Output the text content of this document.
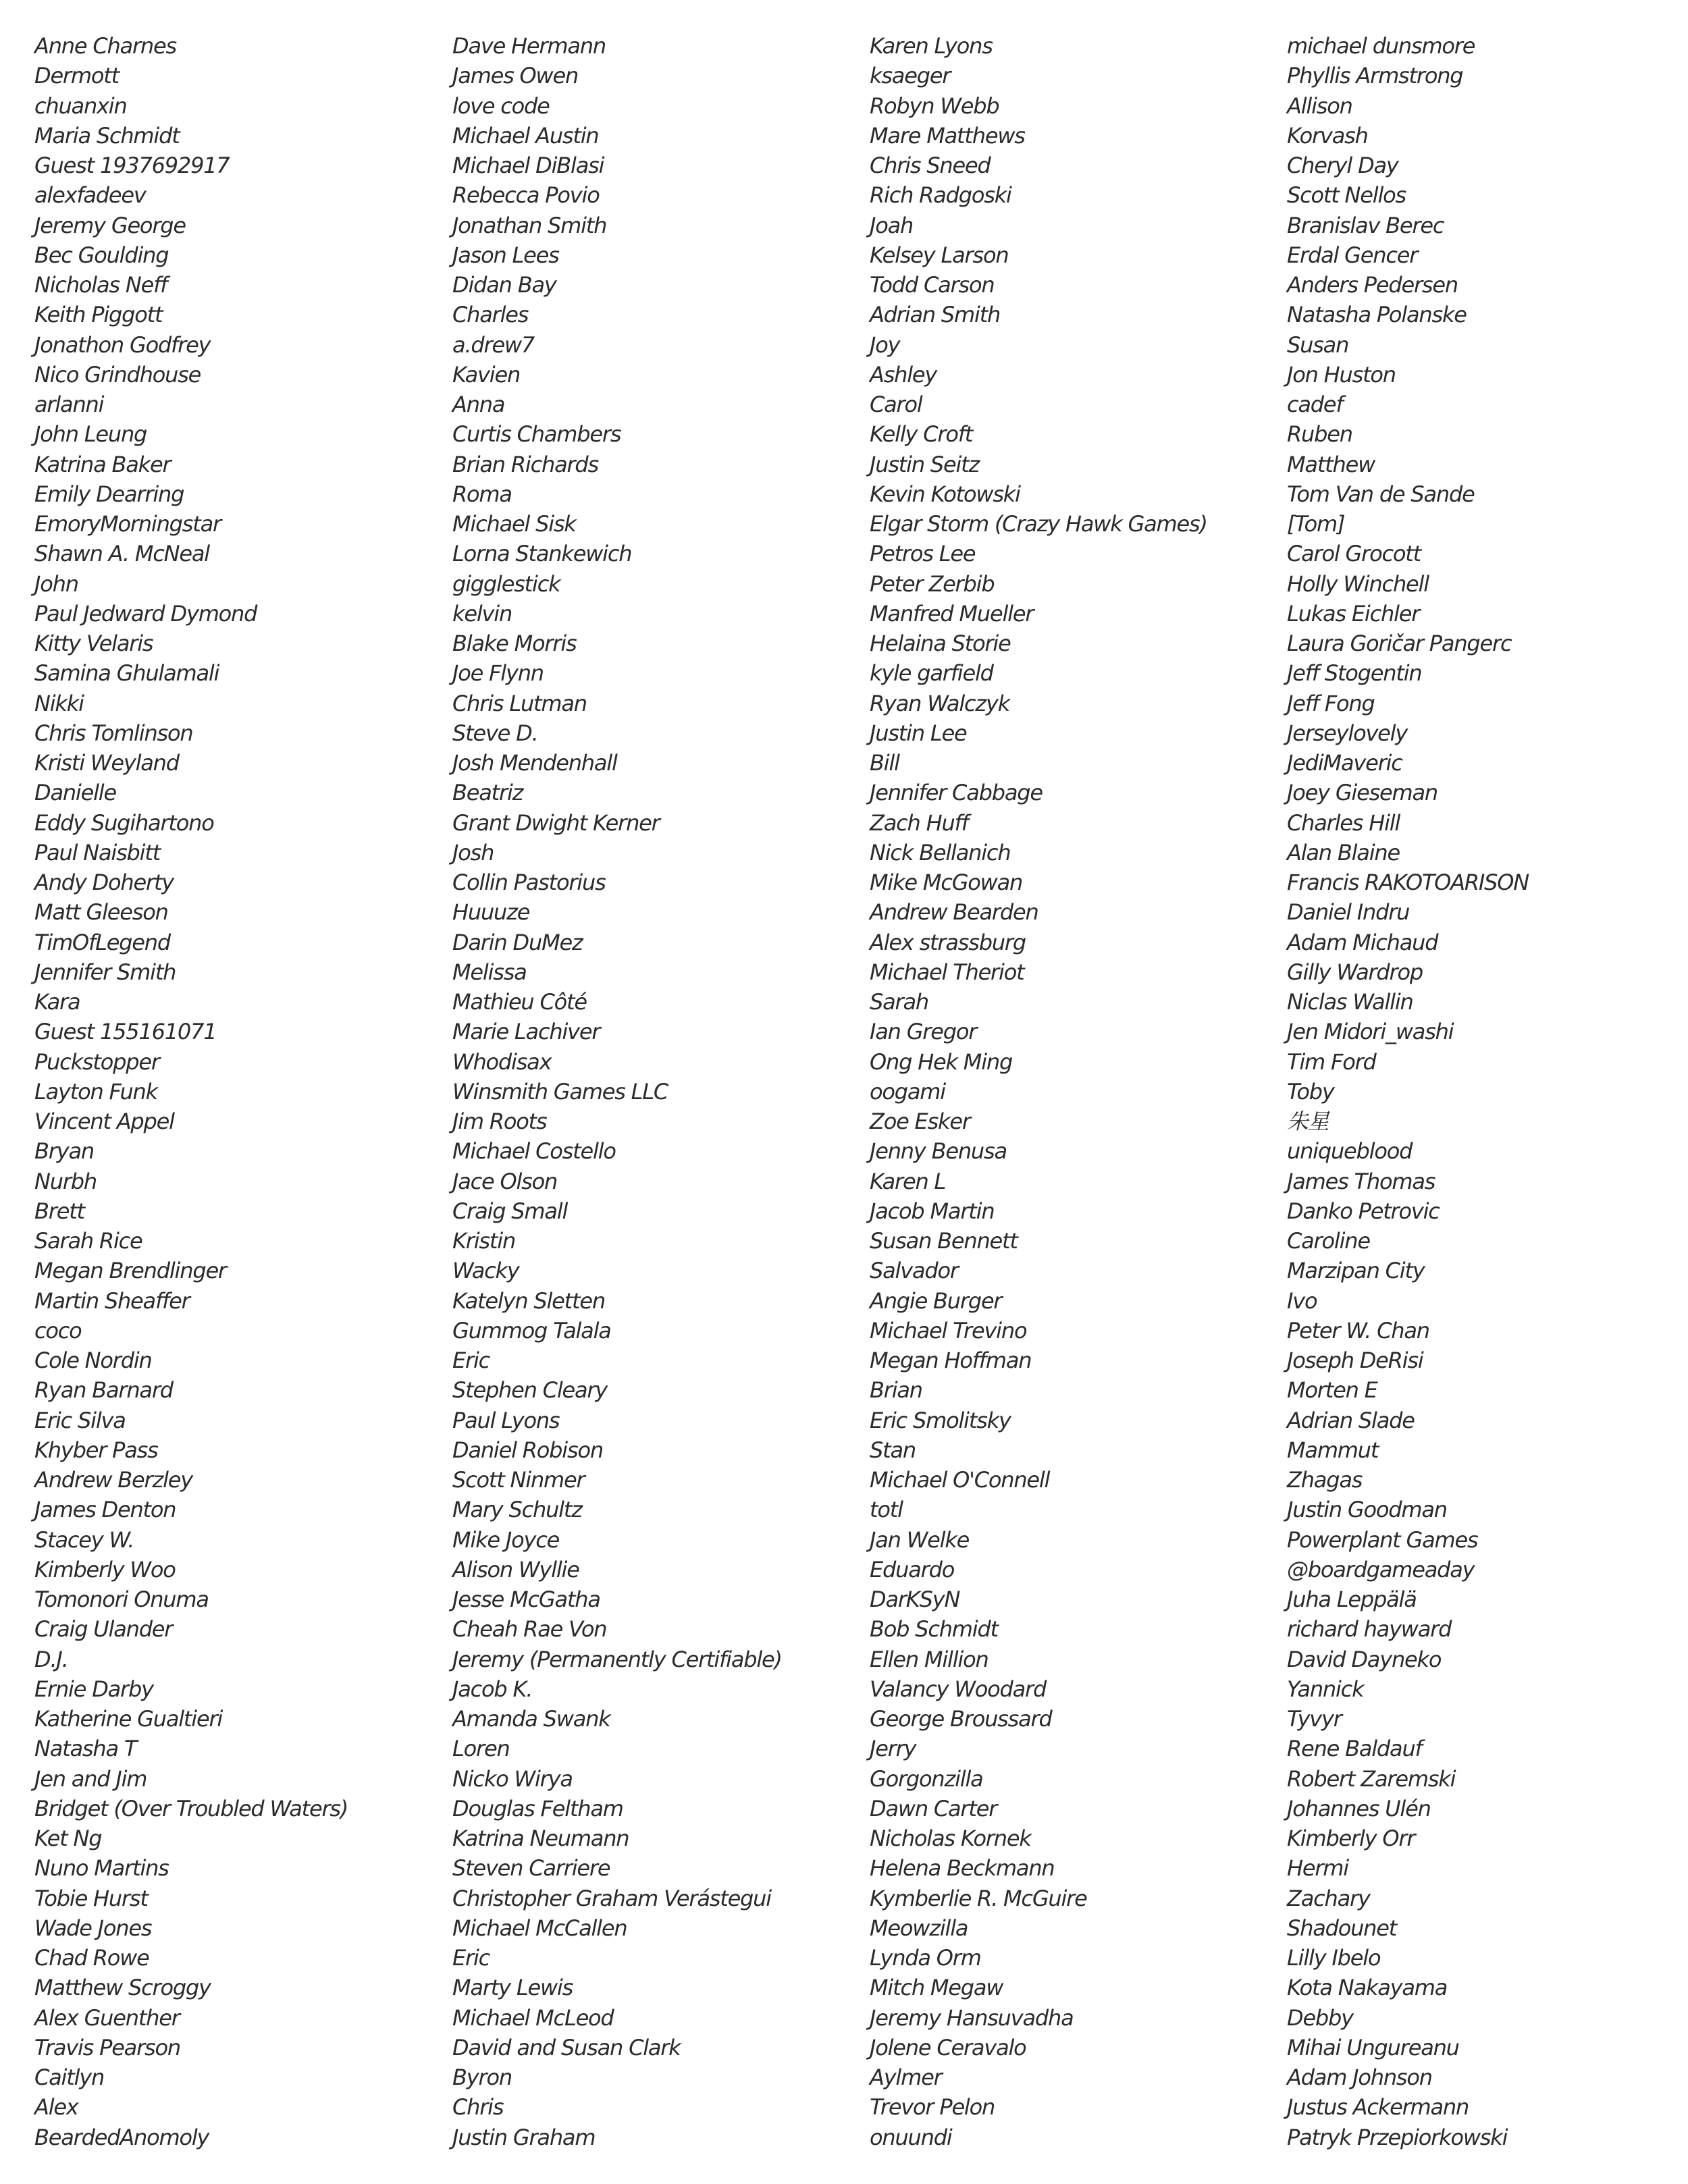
Anne Charnes
Dermott
chuanxin
Maria Schmidt
Guest 1937692917
alexfadeev
Jeremy George
Bec Goulding
Nicholas Neff
Keith Piggott
Jonathon Godfrey
Nico Grindhouse
arlanni
John Leung
Katrina Baker
Emily Dearring
EmoryMorningstar
Shawn A. McNeal
John
Paul Jedward Dymond
Kitty Velaris
Samina Ghulamali
Nikki
Chris Tomlinson
Kristi Weyland
Danielle
Eddy Sugihartono
Paul Naisbitt
Andy Doherty
Matt Gleeson
TimOfLegend
Jennifer Smith
Kara
Guest 155161071
Puckstopper
Layton Funk
Vincent Appel
Bryan
Nurbh
Brett
Sarah Rice
Megan Brendlinger
Martin Sheaffer
coco
Cole Nordin
Ryan Barnard
Eric Silva
Khyber Pass
Andrew Berzley
James Denton
Stacey W.
Kimberly Woo
Tomonori Onuma
Craig Ulander
D.J.
Ernie Darby
Katherine Gualtieri
Natasha T
Jen and Jim
Bridget (Over Troubled Waters)
Ket Ng
Nuno Martins
Tobie Hurst
Wade Jones
Chad Rowe
Matthew Scroggy
Alex Guenther
Travis Pearson
Caitlyn
Alex
BeardedAnomoly
Dave Hermann
James Owen
love code
Michael Austin
Michael DiBlasi
Rebecca Povio
Jonathan Smith
Jason Lees
Didan Bay
Charles
a.drew7
Kavien
Anna
Curtis Chambers
Brian Richards
Roma
Michael Sisk
Lorna Stankewich
gigglestick
kelvin
Blake Morris
Joe Flynn
Chris Lutman
Steve D.
Josh Mendenhall
Beatriz
Grant Dwight Kerner
Josh
Collin Pastorius
Huuuze
Darin DuMez
Melissa
Mathieu Côté
Marie Lachiver
Whodisax
Winsmith Games LLC
Jim Roots
Michael Costello
Jace Olson
Craig Small
Kristin
Wacky
Katelyn Sletten
Gummog Talala
Eric
Stephen Cleary
Paul Lyons
Daniel Robison
Scott Ninmer
Mary Schultz
Mike Joyce
Alison Wyllie
Jesse McGatha
Cheah Rae Von
Jeremy (Permanently Certifiable)
Jacob K.
Amanda Swank
Loren
Nicko Wirya
Douglas Feltham
Katrina Neumann
Steven Carriere
Christopher Graham Verástegui
Michael McCallen
Eric
Marty Lewis
Michael McLeod
David and Susan Clark
Byron
Chris
Justin Graham
Karen Lyons
ksaeger
Robyn Webb
Mare Matthews
Chris Sneed
Rich Radgoski
Joah
Kelsey Larson
Todd Carson
Adrian Smith
Joy
Ashley
Carol
Kelly Croft
Justin Seitz
Kevin Kotowski
Elgar Storm (Crazy Hawk Games)
Petros Lee
Peter Zerbib
Manfred Mueller
Helaina Storie
kyle garfield
Ryan Walczyk
Justin Lee
Bill
Jennifer Cabbage
Zach Huff
Nick Bellanich
Mike McGowan
Andrew Bearden
Alex strassburg
Michael Theriot
Sarah
Ian Gregor
Ong Hek Ming
oogami
Zoe Esker
Jenny Benusa
Karen L
Jacob Martin
Susan Bennett
Salvador
Angie Burger
Michael Trevino
Megan Hoffman
Brian
Eric Smolitsky
Stan
Michael O'Connell
totl
Jan Welke
Eduardo
DarKSyN
Bob Schmidt
Ellen Million
Valancy Woodard
George Broussard
Jerry
Gorgonzilla
Dawn Carter
Nicholas Kornek
Helena Beckmann
Kymberlie R. McGuire
Meowzilla
Lynda Orm
Mitch Megaw
Jeremy Hansuvadha
Jolene Ceravalo
Aylmer
Trevor Pelon
onuundi
michael dunsmore
Phyllis Armstrong
Allison
Korvash
Cheryl Day
Scott Nellos
Branislav Berec
Erdal Gencer
Anders Pedersen
Natasha Polanske
Susan
Jon Huston
cadef
Ruben
Matthew
Tom Van de Sande
[Tom]
Carol Grocott
Holly Winchell
Lukas Eichler
Laura Goričar Pangerc
Jeff Stogentin
Jeff Fong
Jerseylovely
JediMaveric
Joey Gieseman
Charles Hill
Alan Blaine
Francis RAKOTOARISON
Daniel Indru
Adam Michaud
Gilly Wardrop
Niclas Wallin
Jen Midori_washi
Tim Ford
Toby
朱星
uniqueblood
James Thomas
Danko Petrovic
Caroline
Marzipan City
Ivo
Peter W. Chan
Joseph DeRisi
Morten E
Adrian Slade
Mammut
Zhagas
Justin Goodman
Powerplant Games
@boardgameaday
Juha Leppälä
richard hayward
David Dayneko
Yannick
Tyvyr
Rene Baldauf
Robert Zaremski
Johannes Ulén
Kimberly Orr
Hermi
Zachary
Shadounet
Lilly Ibelo
Kota Nakayama
Debby
Mihai Ungureanu
Adam Johnson
Justus Ackermann
Patryk Przepiorkowski
